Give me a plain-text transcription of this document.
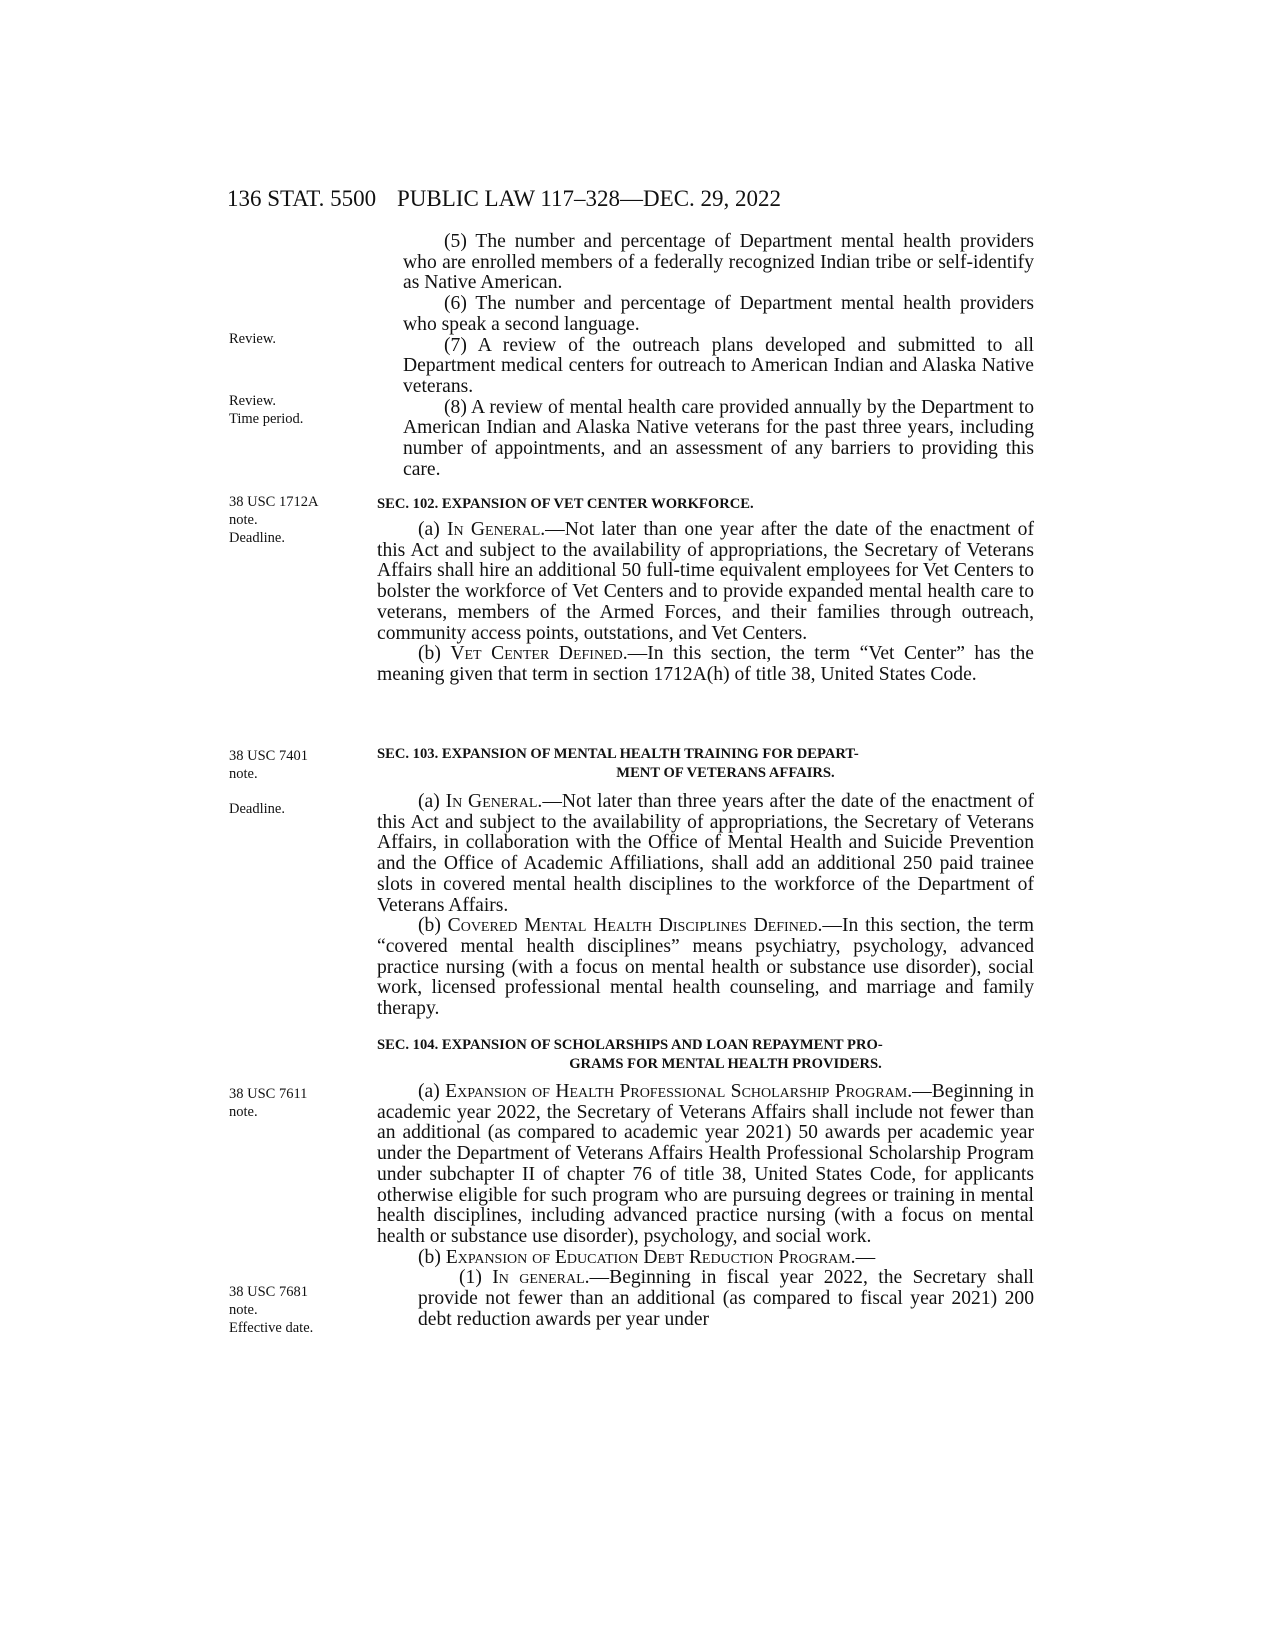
136 STAT. 5500 PUBLIC LAW 117–328—DEC. 29, 2022
Review.
Review.
Time period.
38 USC 1712A
note.
Deadline.
38 USC 7401
note.
Deadline.
38 USC 7611
note.
38 USC 7681
note.
Effective date.

(5) The number and percentage of Department mental health providers who are enrolled members of a federally recognized Indian tribe or self-identify as Native American.

(6) The number and percentage of Department mental health providers who speak a second language.

(7) A review of the outreach plans developed and submitted to all Department medical centers for outreach to American Indian and Alaska Native veterans.

(8) A review of mental health care provided annually by the Department to American Indian and Alaska Native veterans for the past three years, including number of appointments, and an assessment of any barriers to providing this care.

SEC. 102. EXPANSION OF VET CENTER WORKFORCE.

(a) In General.—Not later than one year after the date of the enactment of this Act and subject to the availability of appropriations, the Secretary of Veterans Affairs shall hire an additional 50 full-time equivalent employees for Vet Centers to bolster the workforce of Vet Centers and to provide expanded mental health care to veterans, members of the Armed Forces, and their families through outreach, community access points, outstations, and Vet Centers.

(b) Vet Center Defined.—In this section, the term “Vet Center” has the meaning given that term in section 1712A(h) of title 38, United States Code.

SEC. 103. EXPANSION OF MENTAL HEALTH TRAINING FOR DEPART-
MENT OF VETERANS AFFAIRS.

(a) In General.—Not later than three years after the date of the enactment of this Act and subject to the availability of appropriations, the Secretary of Veterans Affairs, in collaboration with the Office of Mental Health and Suicide Prevention and the Office of Academic Affiliations, shall add an additional 250 paid trainee slots in covered mental health disciplines to the workforce of the Department of Veterans Affairs.

(b) Covered Mental Health Disciplines Defined.—In this section, the term “covered mental health disciplines” means psychiatry, psychology, advanced practice nursing (with a focus on mental health or substance use disorder), social work, licensed professional mental health counseling, and marriage and family therapy.

SEC. 104. EXPANSION OF SCHOLARSHIPS AND LOAN REPAYMENT PRO-
GRAMS FOR MENTAL HEALTH PROVIDERS.

(a) Expansion of Health Professional Scholarship Program.—Beginning in academic year 2022, the Secretary of Veterans Affairs shall include not fewer than an additional (as compared to academic year 2021) 50 awards per academic year under the Department of Veterans Affairs Health Professional Scholarship Program under subchapter II of chapter 76 of title 38, United States Code, for applicants otherwise eligible for such program who are pursuing degrees or training in mental health disciplines, including advanced practice nursing (with a focus on mental health or substance use disorder), psychology, and social work.

(b) Expansion of Education Debt Reduction Program.—

(1) In general.—Beginning in fiscal year 2022, the Secretary shall provide not fewer than an additional (as compared to fiscal year 2021) 200 debt reduction awards per year under
